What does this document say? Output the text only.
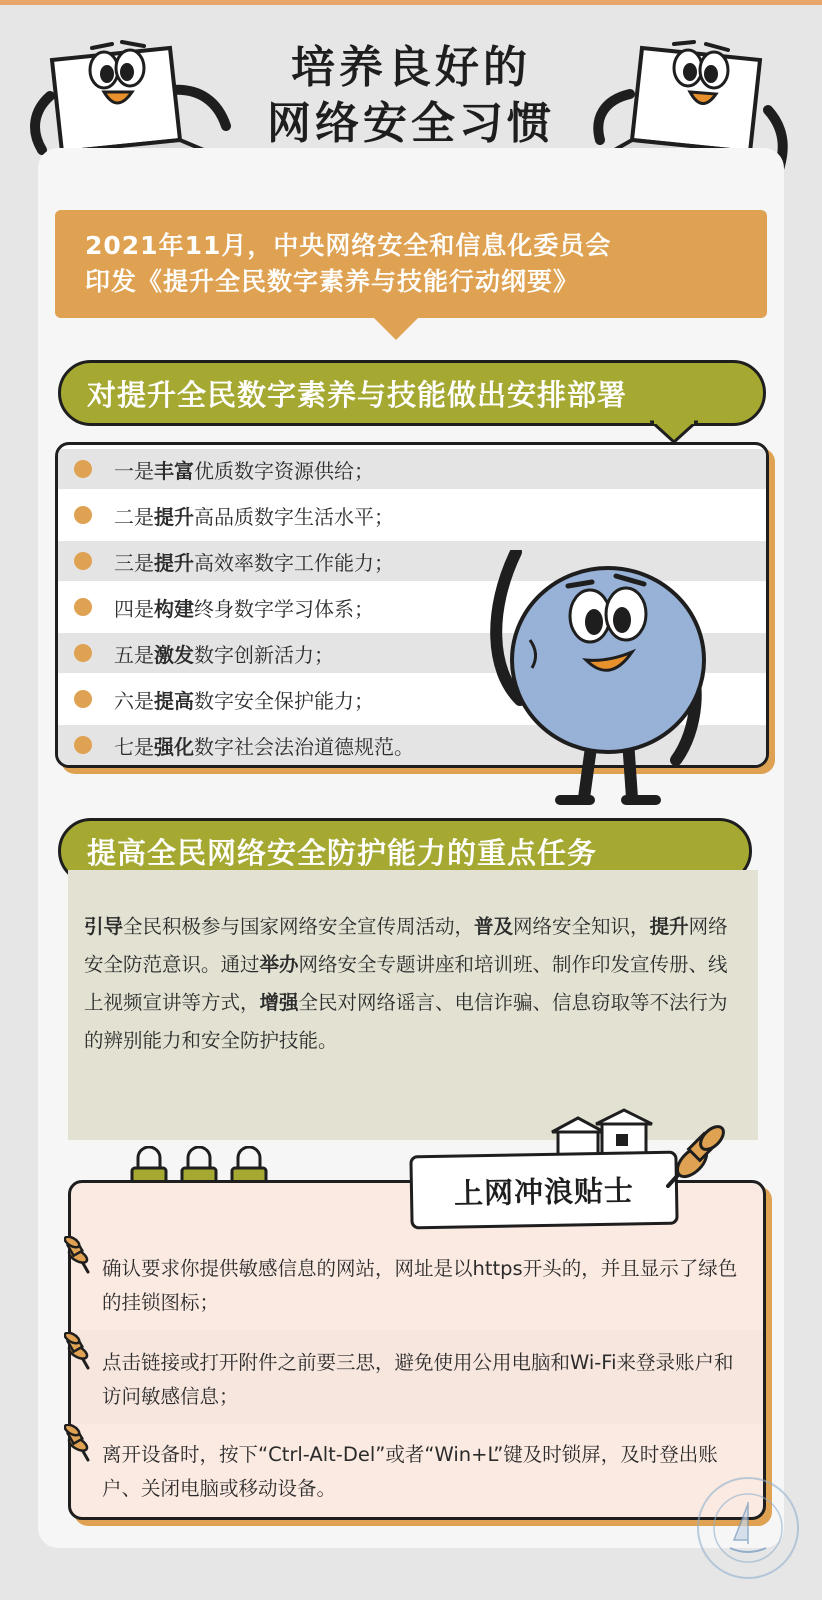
培养良好的
网络安全习惯
2021年11月，中央网络安全和信息化委员会
印发《提升全民数字素养与技能行动纲要》
对提升全民数字素养与技能做出安排部署
一是 丰富 优质数字资源供给；
二是 提升 高品质数字生活水平；
三是 提升 高效率数字工作能力；
四是 构建 终身数字学习体系；
五是 激发 数字创新活力；
六是 提高 数字安全保护能力；
七是 强化 数字社会法治道德规范。
提高全民网络安全防护能力的重点任务

引导全民积极参与国家网络安全宣传周活动，普及网络安全知识，提升网络安全防范意识。通过举办网络安全专题讲座和培训班、制作印发宣传册、线上视频宣讲等方式，增强全民对网络谣言、电信诈骗、信息窃取等不法行为的辨别能力和安全防护技能。

上网冲浪贴士
确认要求你提供敏感信息的网站，网址是以https开头的，并且显示了绿色的挂锁图标；
点击链接或打开附件之前要三思，避免使用公用电脑和Wi-Fi来登录账户和访问敏感信息；
离开设备时，按下“Ctrl-Alt-Del”或者“Win+L”键及时锁屏，及时登出账户、关闭电脑或移动设备。
